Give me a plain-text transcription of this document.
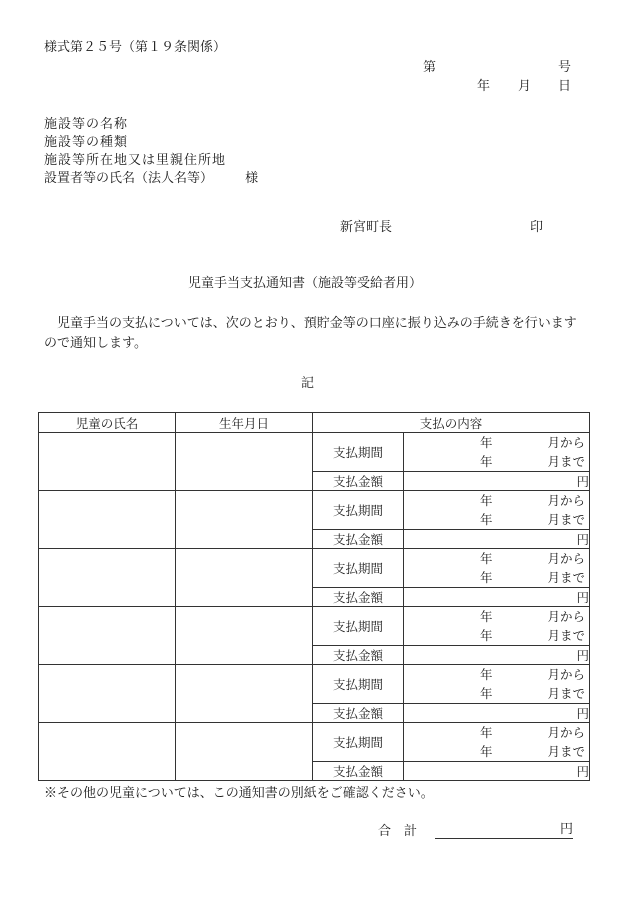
様式第２５号（第１９条関係）
第	号
年 月 日
施設等の名称
施設等の種類
施設等所在地又は里親住所地
設置者等の氏名（法人名等） 様
新宮町長	印
児童手当支払通知書（施設等受給者用）
児童手当の支払については、次のとおり、預貯金等の口座に振り込みの手続きを行いますので通知します。
記
児童の氏名	生年月日	支払の内容	
		支払期間	年 月から
年 月まで

		支払金額	円
		支払期間	年 月から
年 月まで

		支払金額	円
		支払期間	年 月から
年 月まで

		支払金額	円
		支払期間	年 月から
年 月まで

		支払金額	円
		支払期間	年 月から
年 月まで

		支払金額	円
		支払期間	年 月から
年 月まで

		支払金額	円
※その他の児童については、この通知書の別紙をご確認ください。
合　計	円
